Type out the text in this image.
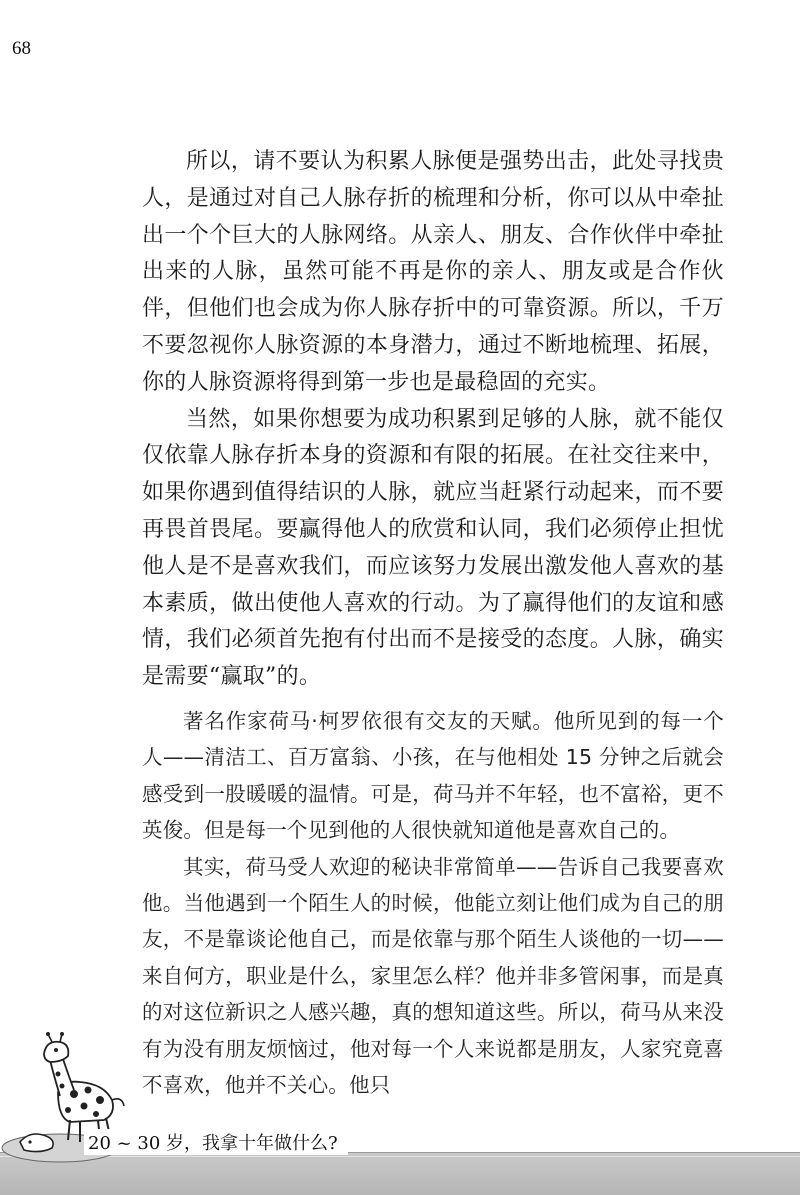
68

所以，请不要认为积累人脉便是强势出击，此处寻找贵人，是通过对自己人脉存折的梳理和分析，你可以从中牵扯出一个个巨大的人脉网络。从亲人、朋友、合作伙伴中牵扯出来的人脉，虽然可能不再是你的亲人、朋友或是合作伙伴，但他们也会成为你人脉存折中的可靠资源。所以，千万不要忽视你人脉资源的本身潜力，通过不断地梳理、拓展，你的人脉资源将得到第一步也是最稳固的充实。

当然，如果你想要为成功积累到足够的人脉，就不能仅仅依靠人脉存折本身的资源和有限的拓展。在社交往来中，如果你遇到值得结识的人脉，就应当赶紧行动起来，而不要再畏首畏尾。要赢得他人的欣赏和认同，我们必须停止担忧他人是不是喜欢我们，而应该努力发展出激发他人喜欢的基本素质，做出使他人喜欢的行动。为了赢得他们的友谊和感情，我们必须首先抱有付出而不是接受的态度。人脉，确实是需要“赢取”的。

著名作家荷马·柯罗依很有交友的天赋。他所见到的每一个人——清洁工、百万富翁、小孩，在与他相处 15 分钟之后就会感受到一股暖暖的温情。可是，荷马并不年轻，也不富裕，更不英俊。但是每一个见到他的人很快就知道他是喜欢自己的。

其实，荷马受人欢迎的秘诀非常简单——告诉自己我要喜欢他。当他遇到一个陌生人的时候，他能立刻让他们成为自己的朋友，不是靠谈论他自己，而是依靠与那个陌生人谈他的一切——来自何方，职业是什么，家里怎么样？他并非多管闲事，而是真的对这位新识之人感兴趣，真的想知道这些。所以，荷马从来没有为没有朋友烦恼过，他对每一个人来说都是朋友，人家究竟喜不喜欢，他并不关心。他只

20 ~ 30 岁，我拿十年做什么?
